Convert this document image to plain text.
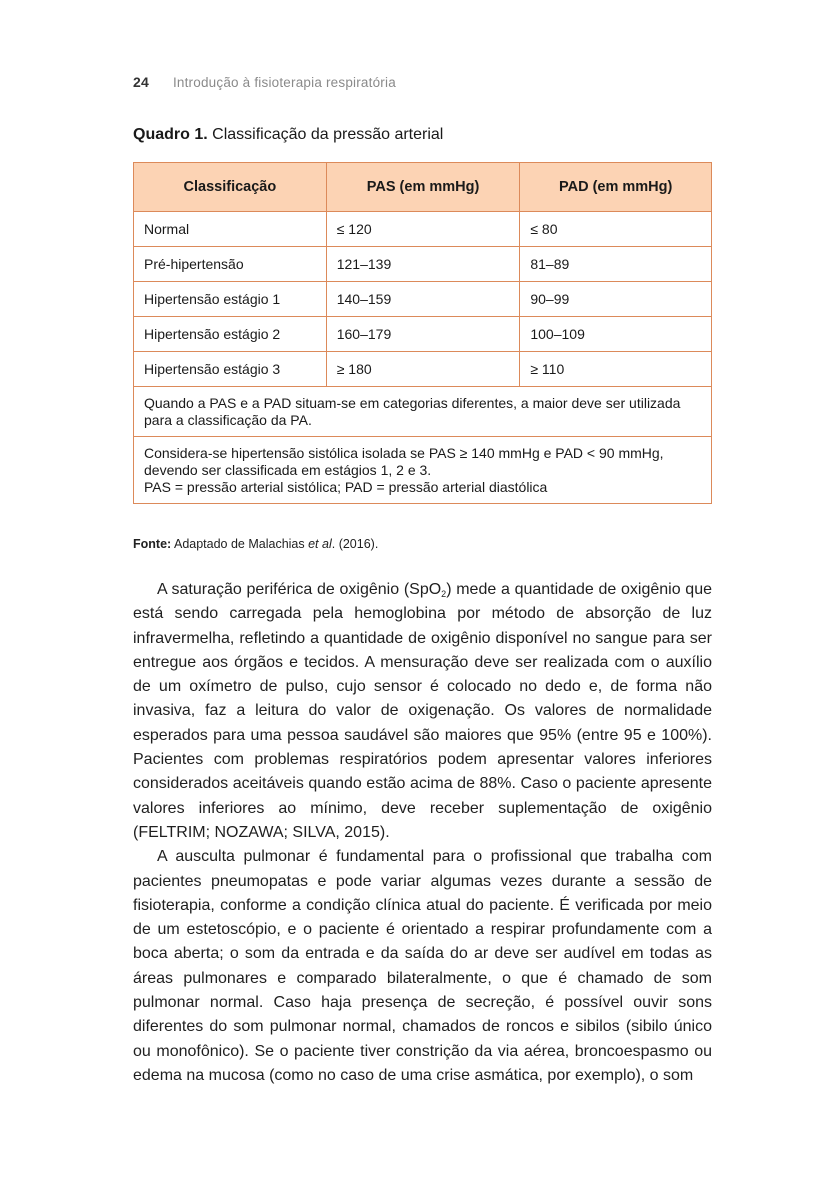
24 Introdução à fisioterapia respiratória
Quadro 1. Classificação da pressão arterial
Classificação	PAS (em mmHg)	PAD (em mmHg)
Normal	≤ 120	≤ 80
Pré-hipertensão	121–139	81–89
Hipertensão estágio 1	140–159	90–99
Hipertensão estágio 2	160–179	100–109
Hipertensão estágio 3	≥ 180	≥ 110
Quando a PAS e a PAD situam-se em categorias diferentes, a maior deve ser utilizada para a classificação da PA.		

Considera-se hipertensão sistólica isolada se PAS ≥ 140 mmHg e PAD < 90 mmHg, devendo ser classificada em estágios 1, 2 e 3.
PAS = pressão arterial sistólica; PAD = pressão arterial diastólica		
Fonte: Adaptado de Malachias et al. (2016).

A saturação periférica de oxigênio (SpO$_2$) mede a quantidade de oxigênio que está sendo carregada pela hemoglobina por método de absorção de luz infravermelha, refletindo a quantidade de oxigênio disponível no sangue para ser entregue aos órgãos e tecidos. A mensuração deve ser realizada com o auxílio de um oxímetro de pulso, cujo sensor é colocado no dedo e, de forma não invasiva, faz a leitura do valor de oxigenação. Os valores de normalidade esperados para uma pessoa saudável são maiores que 95% (entre 95 e 100%). Pacientes com problemas respiratórios podem apresentar valores inferiores considerados aceitáveis quando estão acima de 88%. Caso o paciente apresente valores inferiores ao mínimo, deve receber suplementação de oxigênio (FELTRIM; NOZAWA; SILVA, 2015).

A ausculta pulmonar é fundamental para o profissional que trabalha com pacientes pneumopatas e pode variar algumas vezes durante a sessão de fisioterapia, conforme a condição clínica atual do paciente. É verificada por meio de um estetoscópio, e o paciente é orientado a respirar profundamente com a boca aberta; o som da entrada e da saída do ar deve ser audível em todas as áreas pulmonares e comparado bilateralmente, o que é chamado de som pulmonar normal. Caso haja presença de secreção, é possível ouvir sons diferentes do som pulmonar normal, chamados de roncos e sibilos (sibilo único ou monofônico). Se o paciente tiver constrição da via aérea, broncoespasmo ou edema na mucosa (como no caso de uma crise asmática, por exemplo), o som
